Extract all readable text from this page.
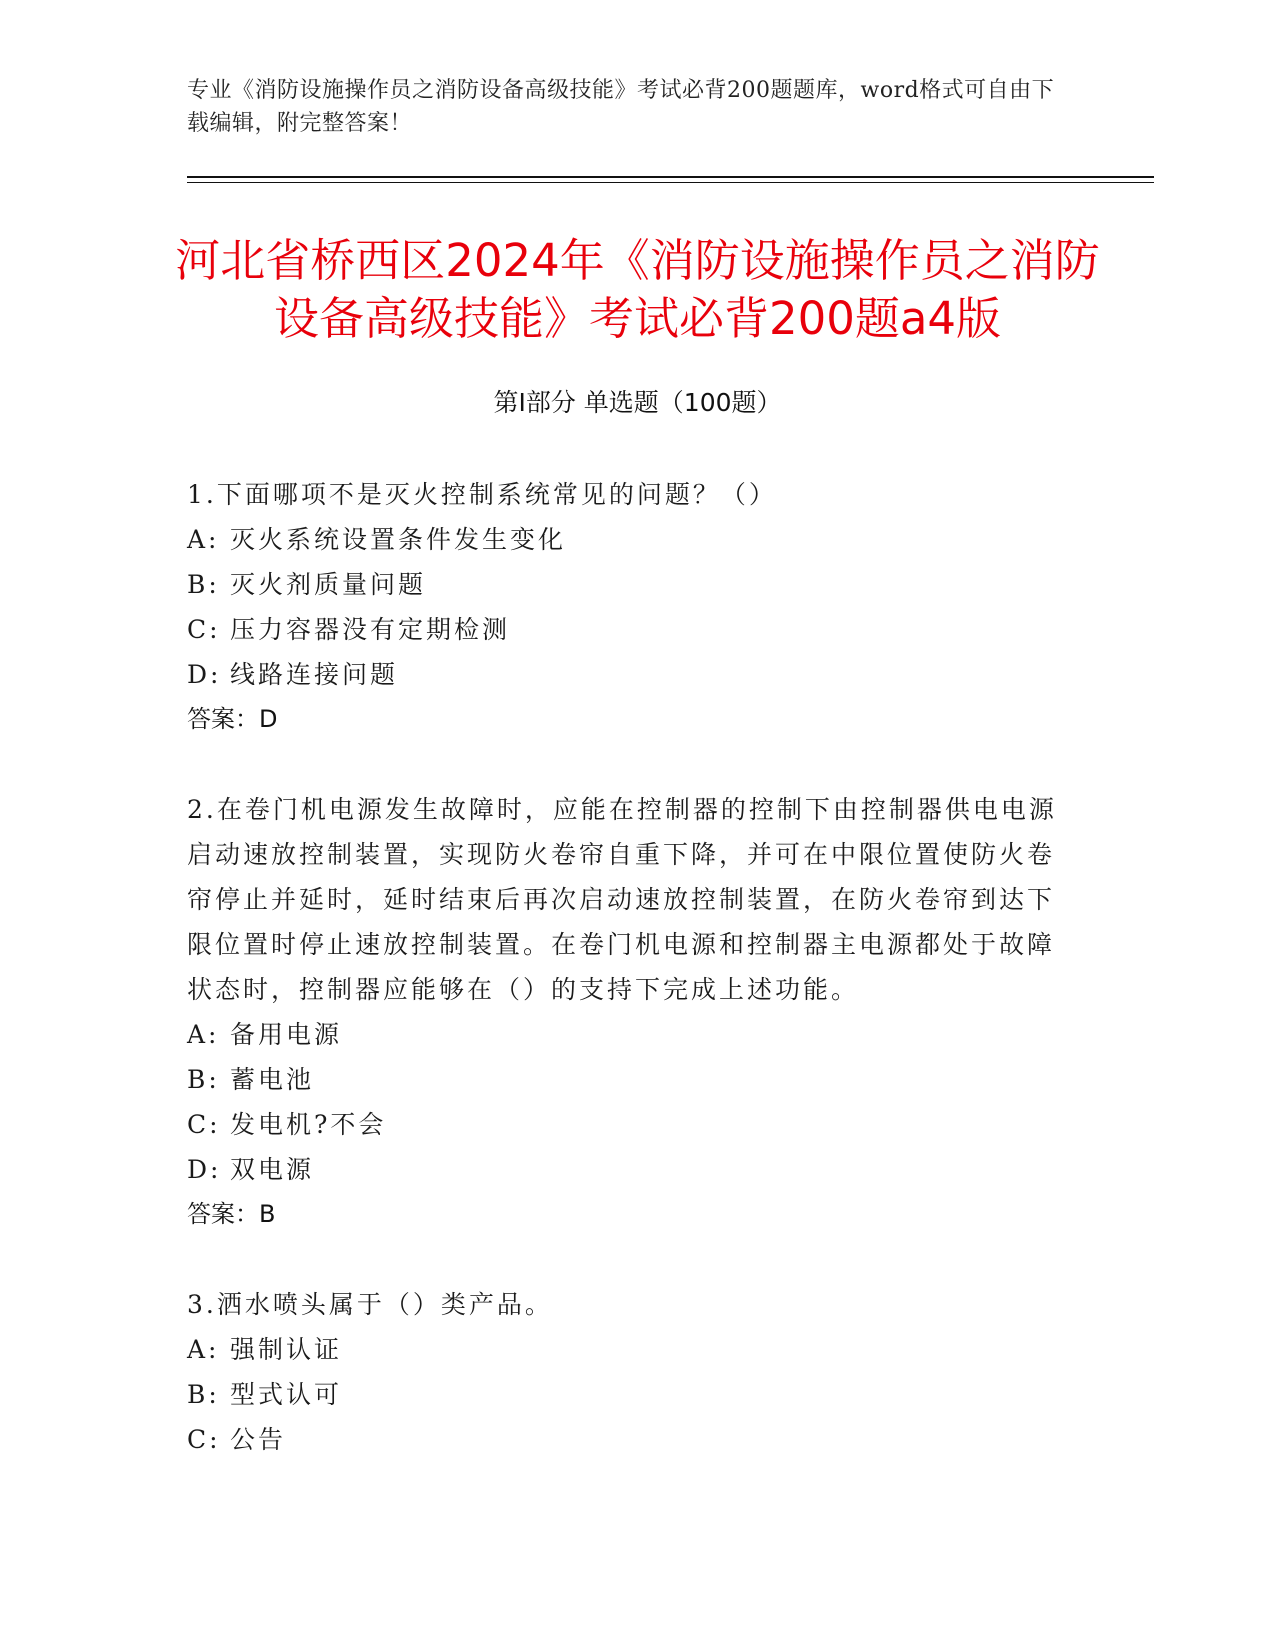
专业《消防设施操作员之消防设备高级技能》考试必背200题题库，word格式可自由下载编辑，附完整答案！
河北省桥西区2024年《消防设施操作员之消防设备高级技能》考试必背200题a4版
第I部分 单选题（100题）
1.下面哪项不是灭火控制系统常见的问题？（）
A: 灭火系统设置条件发生变化
B: 灭火剂质量问题
C: 压力容器没有定期检测
D: 线路连接问题
答案：D
2.在卷门机电源发生故障时，应能在控制器的控制下由控制器供电电源启动速放控制装置，实现防火卷帘自重下降，并可在中限位置使防火卷帘停止并延时，延时结束后再次启动速放控制装置，在防火卷帘到达下限位置时停止速放控制装置。在卷门机电源和控制器主电源都处于故障状态时，控制器应能够在（）的支持下完成上述功能。
A: 备用电源
B: 蓄电池
C: 发电机?不会
D: 双电源
答案：B
3.洒水喷头属于（）类产品。
A: 强制认证
B: 型式认可
C: 公告
